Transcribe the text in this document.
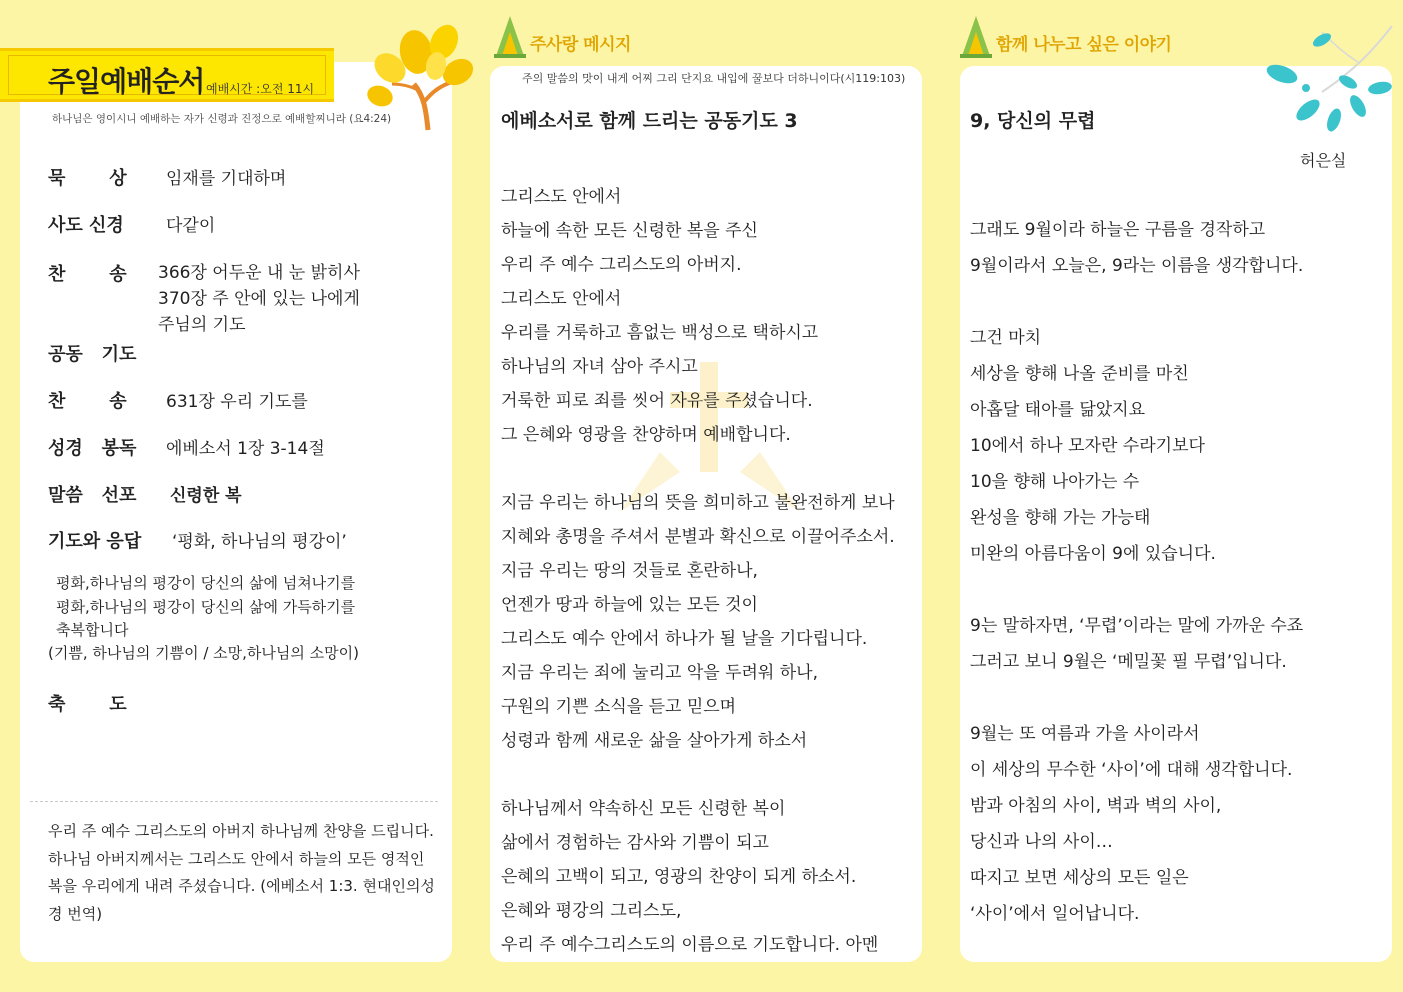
주일예배순서 예배시간 :오전 11시
하나님은 영이시니 예배하는 자가 신령과 진정으로 예배할찌니라 (요4:24)
묵       상 임재를 기대하며
사도 신경 다같이
찬       송 366장 어두운 내 눈 밝히사
370장 주 안에 있는 나에게
주님의 기도
공동   기도
찬       송 631장 우리 기도를
성경   봉독 에베소서 1장 3-14절
말씀   선포 신령한 복
기도와 응답 ‘평화, 하나님의 평강이’
평화,하나님의 평강이 당신의 삶에 넘쳐나기를
평화,하나님의 평강이 당신의 삶에 가득하기를
축복합니다
(기쁨, 하나님의 기쁨이 / 소망,하나님의 소망이)
축       도
우리 주 예수 그리스도의 아버지 하나님께 찬양을 드립니다. 하나님 아버지께서는 그리스도 안에서 하늘의 모든 영적인 복을 우리에게 내려 주셨습니다. (에베소서 1:3. 현대인의성경 번역)
주사랑 메시지
주의 말씀의 맛이 내게 어찌 그리 단지요 내입에 꿀보다 더하니이다(시119:103)
에베소서로 함께 드리는 공동기도 3
그리스도 안에서
하늘에 속한 모든 신령한 복을 주신
우리 주 예수 그리스도의 아버지.
그리스도 안에서
우리를 거룩하고 흠없는 백성으로 택하시고
하나님의 자녀 삼아 주시고
거룩한 피로 죄를 씻어 자유를 주셨습니다.
그 은혜와 영광을 찬양하며 예배합니다.
지금 우리는 하나님의 뜻을 희미하고 불완전하게 보나
지혜와 총명을 주셔서 분별과 확신으로 이끌어주소서.
지금 우리는 땅의 것들로 혼란하나,
언젠가 땅과 하늘에 있는 모든 것이
그리스도 예수 안에서 하나가 될 날을 기다립니다.
지금 우리는 죄에 눌리고 악을 두려워 하나,
구원의 기쁜 소식을 듣고 믿으며
성령과 함께 새로운 삶을 살아가게 하소서
하나님께서 약속하신 모든 신령한 복이
삶에서 경험하는 감사와 기쁨이 되고
은혜의 고백이 되고, 영광의 찬양이 되게 하소서.
은혜와 평강의 그리스도,
우리 주 예수그리스도의 이름으로 기도합니다. 아멘
함께 나누고 싶은 이야기
9, 당신의 무렵
허은실
그래도 9월이라 하늘은 구름을 경작하고
9월이라서 오늘은, 9라는 이름을 생각합니다.
그건 마치
세상을 향해 나올 준비를 마친
아홉달 태아를 닮았지요
10에서 하나 모자란 수라기보다
10을 향해 나아가는 수
완성을 향해 가는 가능태
미완의 아름다움이 9에 있습니다.
9는 말하자면, ‘무렵’이라는 말에 가까운 수죠
그러고 보니 9월은 ‘메밀꽃 필 무렵’입니다.
9월는 또 여름과 가을 사이라서
이 세상의 무수한 ‘사이’에 대해 생각합니다.
밤과 아침의 사이, 벽과 벽의 사이,
당신과 나의 사이…
따지고 보면 세상의 모든 일은
‘사이’에서 일어납니다.
